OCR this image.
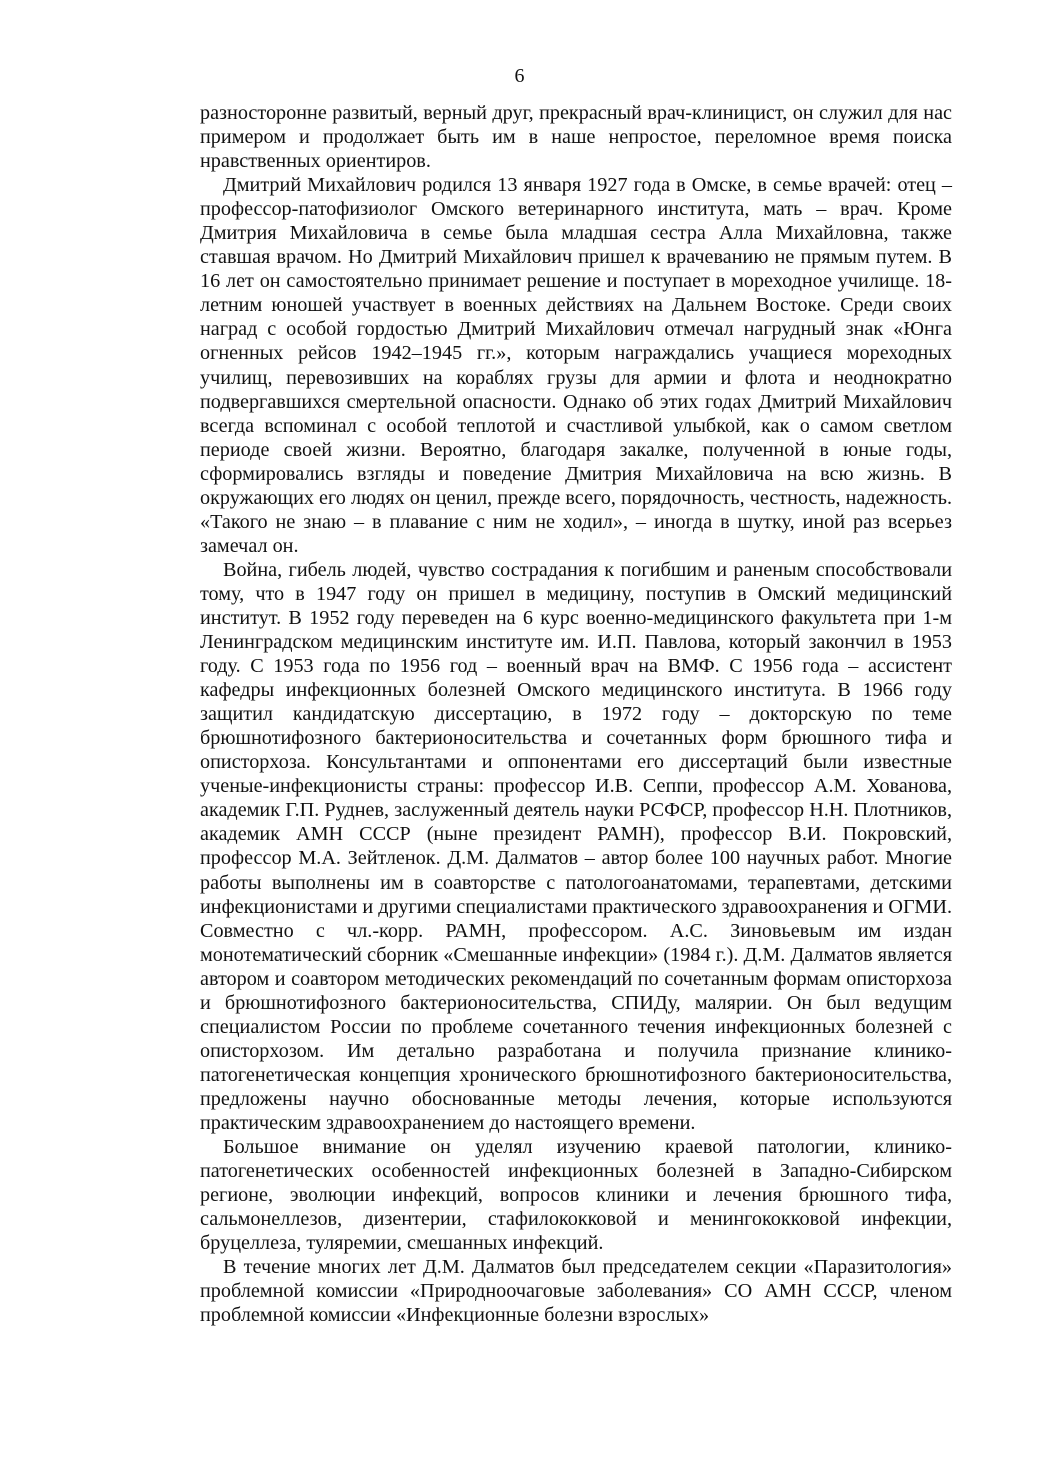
6

разносторонне развитый, верный друг, прекрасный врач-клиницист, он служил для нас примером и продолжает быть им в наше непростое, переломное время поиска нравственных ориентиров.

Дмитрий Михайлович родился 13 января 1927 года в Омске, в семье врачей: отец – профессор-патофизиолог Омского ветеринарного института, мать – врач. Кроме Дмитрия Михайловича в семье была младшая сестра Алла Михайловна, также ставшая врачом. Но Дмитрий Михайлович пришел к врачеванию не прямым путем. В 16 лет он самостоятельно принимает решение и поступает в мореходное училище. 18-летним юношей участвует в военных действиях на Дальнем Востоке. Среди своих наград с особой гордостью Дмитрий Михайлович отмечал нагрудный знак «Юнга огненных рейсов 1942–1945 гг.», которым награждались учащиеся мореходных училищ, перевозивших на кораблях грузы для армии и флота и неоднократно подвергавшихся смертельной опасности. Однако об этих годах Дмитрий Михайлович всегда вспоминал с особой теплотой и счастливой улыбкой, как о самом светлом периоде своей жизни. Вероятно, благодаря закалке, полученной в юные годы, сформировались взгляды и поведение Дмитрия Михайловича на всю жизнь. В окружающих его людях он ценил, прежде всего, порядочность, честность, надежность. «Такого не знаю – в плавание с ним не ходил», – иногда в шутку, иной раз всерьез замечал он.

Война, гибель людей, чувство сострадания к погибшим и раненым способствовали тому, что в 1947 году он пришел в медицину, поступив в Омский медицинский институт. В 1952 году переведен на 6 курс военно-медицинского факультета при 1-м Ленинградском медицинским институте им. И.П. Павлова, который закончил в 1953 году. С 1953 года по 1956 год – военный врач на ВМФ. С 1956 года – ассистент кафедры инфекционных болезней Омского медицинского института. В 1966 году защитил кандидатскую диссертацию, в 1972 году – докторскую по теме брюшнотифозного бактерионосительства и сочетанных форм брюшного тифа и описторхоза. Консультантами и оппонентами его диссертаций были известные ученые-инфекционисты страны: профессор И.В. Сеппи, профессор А.М. Хованова, академик Г.П. Руднев, заслуженный деятель науки РСФСР, профессор Н.Н. Плотников, академик АМН СССР (ныне президент РАМН), профессор В.И. Покровский, профессор М.А. Зейтленок. Д.М. Далматов – автор более 100 научных работ. Многие работы выполнены им в соавторстве с патологоанатомами, терапевтами, детскими инфекционистами и другими специалистами практического здравоохранения и ОГМИ. Совместно с чл.-корр. РАМН, профессором. А.С. Зиновьевым им издан монотематический сборник «Смешанные инфекции» (1984 г.). Д.М. Далматов является автором и соавтором методических рекомендаций по сочетанным формам описторхоза и брюшнотифозного бактерионосительства, СПИДу, малярии. Он был ведущим специалистом России по проблеме сочетанного течения инфекционных болезней с описторхозом. Им детально разработана и получила признание клинико-патогенетическая концепция хронического брюшнотифозного бактерионосительства, предложены научно обоснованные методы лечения, которые используются практическим здравоохранением до настоящего времени.

Большое внимание он уделял изучению краевой патологии, клинико-патогенетических особенностей инфекционных болезней в Западно-Сибирском регионе, эволюции инфекций, вопросов клиники и лечения брюшного тифа, сальмонеллезов, дизентерии, стафилококковой и менингококковой инфекции, бруцеллеза, туляремии, смешанных инфекций.

В течение многих лет Д.М. Далматов был председателем секции «Паразитология» проблемной комиссии «Природноочаговые заболевания» СО АМН СССР, членом проблемной комиссии «Инфекционные болезни взрослых»
